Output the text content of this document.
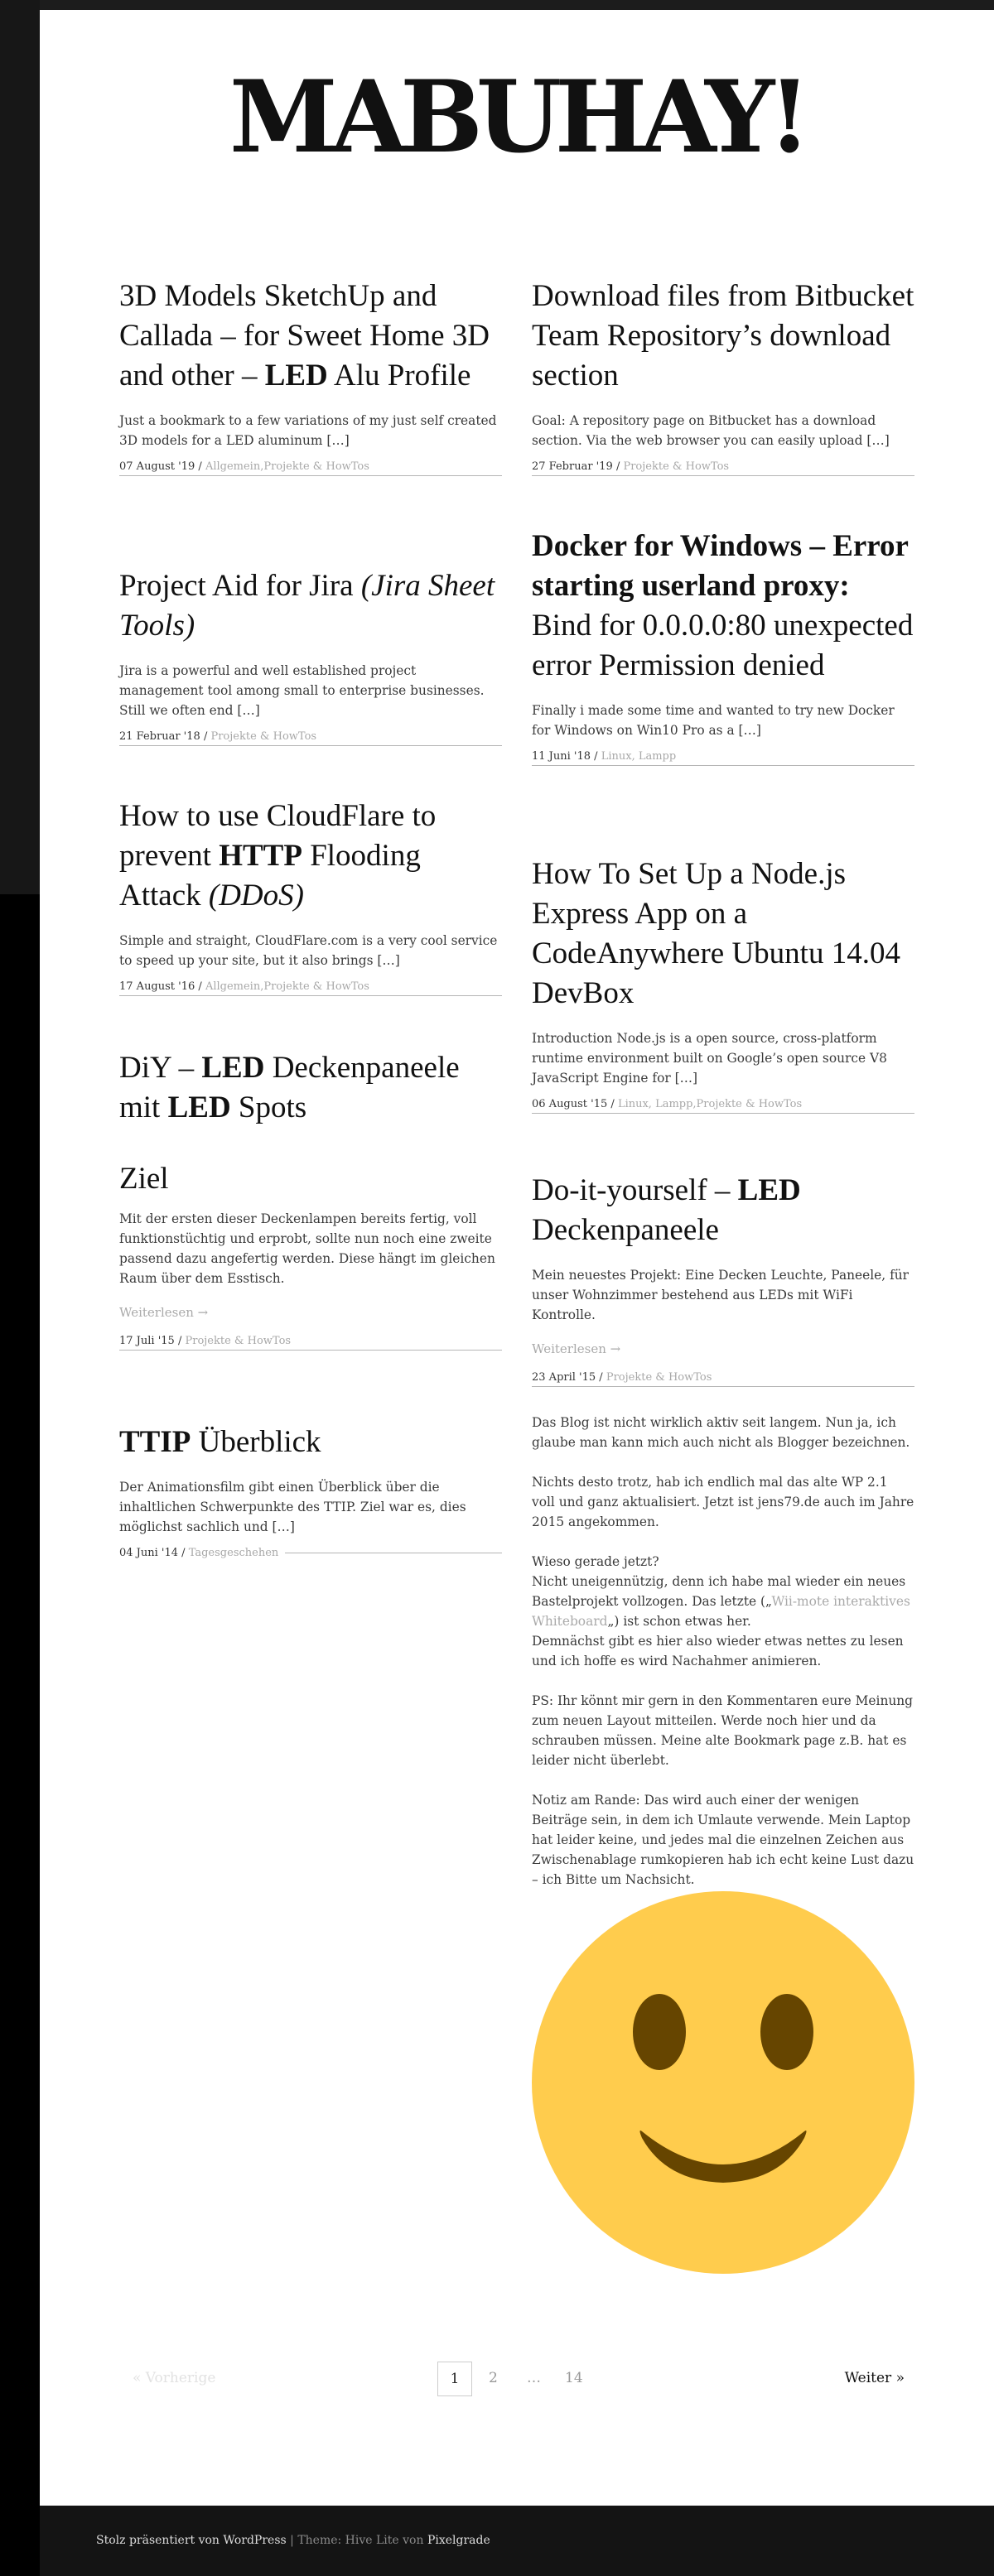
MABUHAY!
3D Models SketchUp and Callada – for Sweet Home 3D and other – LED Alu Profile

Just a bookmark to a few variations of my just self created 3D models for a LED aluminum […]

07 August '19 / Allgemein,Projekte & HowTos
Project Aid for Jira (Jira Sheet Tools)

Jira is a powerful and well established project management tool among small to enterprise businesses. Still we often end […]

21 Februar '18 / Projekte & HowTos
How to use CloudFlare to prevent HTTP Flooding Attack (DDoS)

Simple and straight, CloudFlare.com is a very cool service to speed up your site, but it also brings […]

17 August '16 / Allgemein,Projekte & HowTos
DiY – LED Deckenpaneele mit LED Spots
Ziel

Mit der ersten dieser Deckenlampen bereits fertig, voll funktionstüchtig und erprobt, sollte nun noch eine zweite passend dazu angefertig werden. Diese hängt im gleichen Raum über dem Esstisch.

Weiterlesen →

17 Juli '15 / Projekte & HowTos
TTIP Überblick

Der Animationsfilm gibt einen Überblick über die inhaltlichen Schwerpunkte des TTIP. Ziel war es, dies möglichst sachlich und […]

04 Juni '14 / Tagesgeschehen
Download files from Bitbucket Team Repository’s download section

Goal: A repository page on Bitbucket has a download section. Via the web browser you can easily upload […]

27 Februar '19 / Projekte & HowTos
Docker for Windows – Error starting userland proxy: Bind for 0.0.0.0:80 unexpected error Permission denied

Finally i made some time and wanted to try new Docker for Windows on Win10 Pro as a […]

11 Juni '18 / Linux, Lampp
How To Set Up a Node.js Express App on a CodeAnywhere Ubuntu 14.04 DevBox

Introduction Node.js is a open source, cross-platform runtime environment built on Google’s open source V8 JavaScript Engine for […]

06 August '15 / Linux, Lampp,Projekte & HowTos
Do-it-yourself – LED Deckenpaneele

Mein neuestes Projekt: Eine Decken Leuchte, Paneele, für unser Wohnzimmer bestehend aus LEDs mit WiFi Kontrolle.

Weiterlesen →

23 April '15 / Projekte & HowTos

Das Blog ist nicht wirklich aktiv seit langem. Nun ja, ich glaube man kann mich auch nicht als Blogger bezeichnen.

Nichts desto trotz, hab ich endlich mal das alte WP 2.1 voll und ganz aktualisiert. Jetzt ist jens79.de auch im Jahre 2015 angekommen.

Wieso gerade jetzt?
Nicht uneigennützig, denn ich habe mal wieder ein neues Bastelprojekt vollzogen. Das letzte („Wii-mote interaktives Whiteboard„) ist schon etwas her.
Demnächst gibt es hier also wieder etwas nettes zu lesen und ich hoffe es wird Nachahmer animieren.

PS: Ihr könnt mir gern in den Kommentaren eure Meinung zum neuen Layout mitteilen. Werde noch hier und da schrauben müssen. Meine alte Bookmark page z.B. hat es leider nicht überlebt.

Notiz am Rande: Das wird auch einer der wenigen Beiträge sein, in dem ich Umlaute verwende. Mein Laptop hat leider keine, und jedes mal die einzelnen Zeichen aus Zwischenablage rumkopieren hab ich echt keine Lust dazu – ich Bitte um Nachsicht.

« Vorherige	1	2 … 14	Weiter »
Stolz präsentiert von WordPress | Theme: Hive Lite von Pixelgrade
